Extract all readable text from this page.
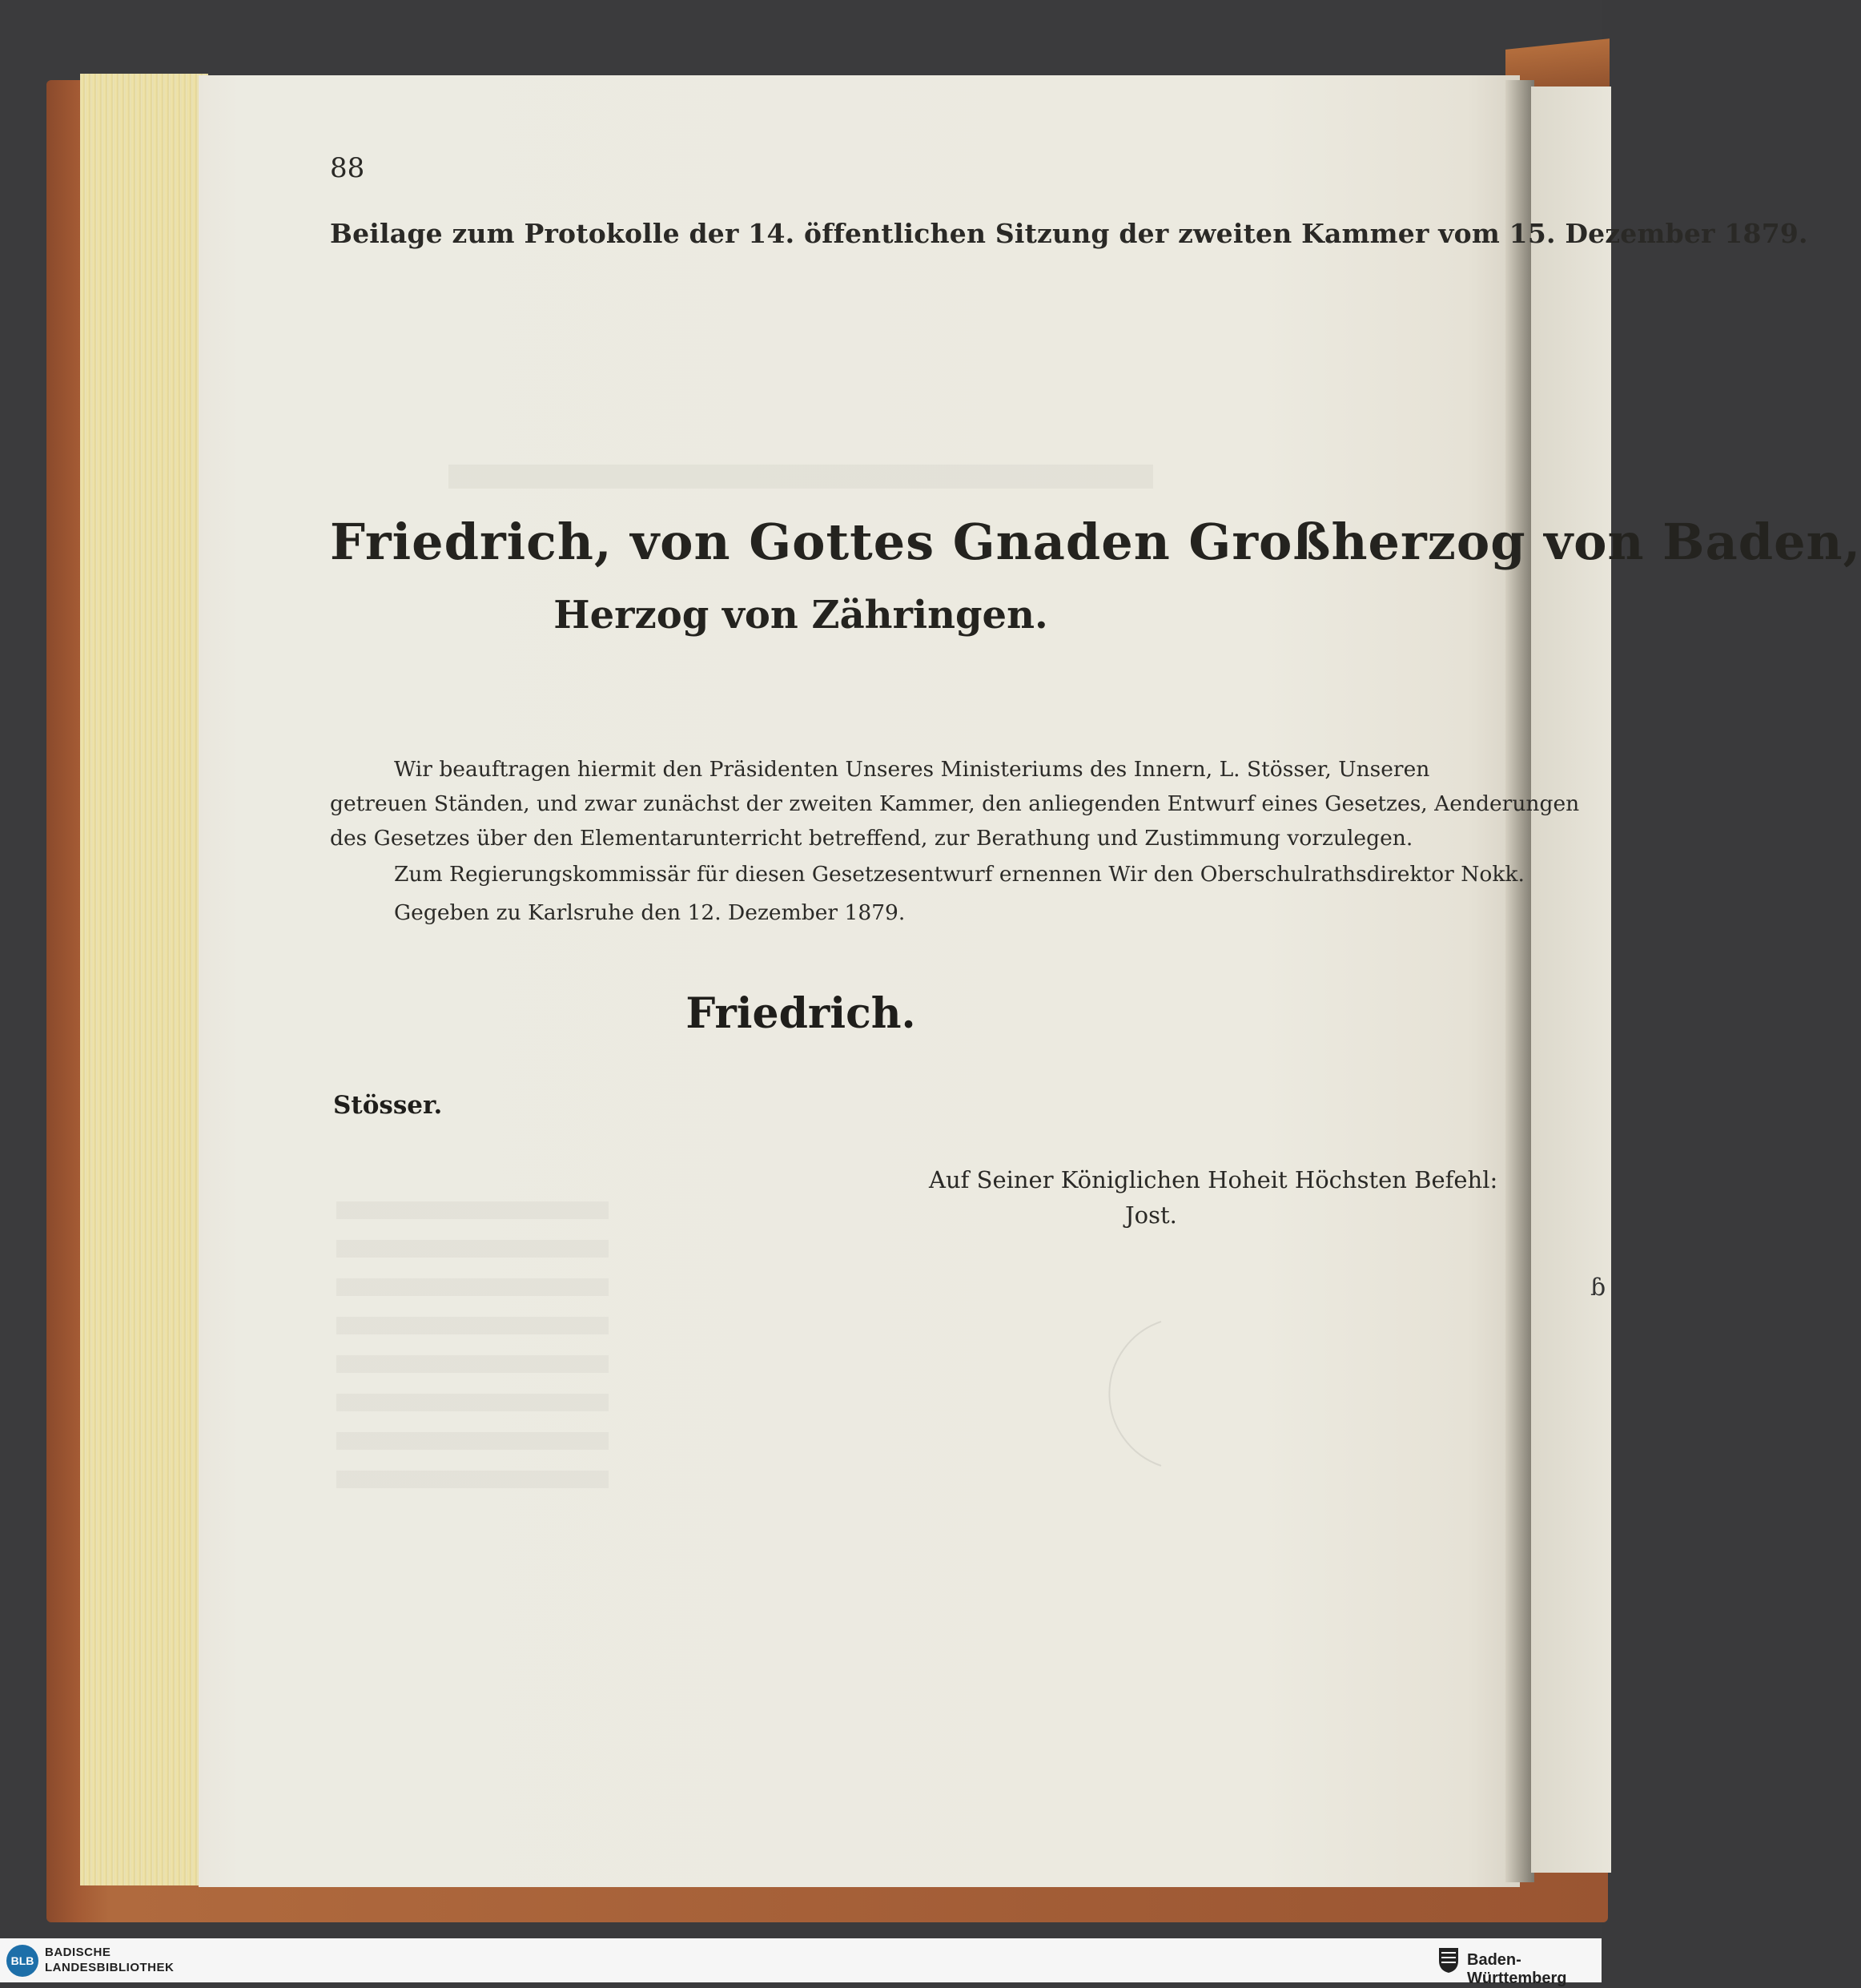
ɓ
88
Beilage zum Protokolle der 14. öffentlichen Sitzung der zweiten Kammer vom 15. Dezember 1879.
Friedrich, von Gottes Gnaden Großherzog von Baden,
Herzog von Zähringen.
Wir beauftragen hiermit den Präsidenten Unseres Ministeriums des Innern, L. Stösser, Unseren
getreuen Ständen, und zwar zunächst der zweiten Kammer, den anliegenden Entwurf eines Gesetzes, Aenderungen
des Gesetzes über den Elementarunterricht betreffend, zur Berathung und Zustimmung vorzulegen.
Zum Regierungskommissär für diesen Gesetzesentwurf ernennen Wir den Oberschulrathsdirektor Nokk.
Gegeben zu Karlsruhe den 12. Dezember 1879.
Friedrich.
Stösser.
Auf Seiner Königlichen Hoheit Höchsten Befehl:
Jost.
BLB
BADISCHE
LANDESBIBLIOTHEK	Baden-Württemberg
